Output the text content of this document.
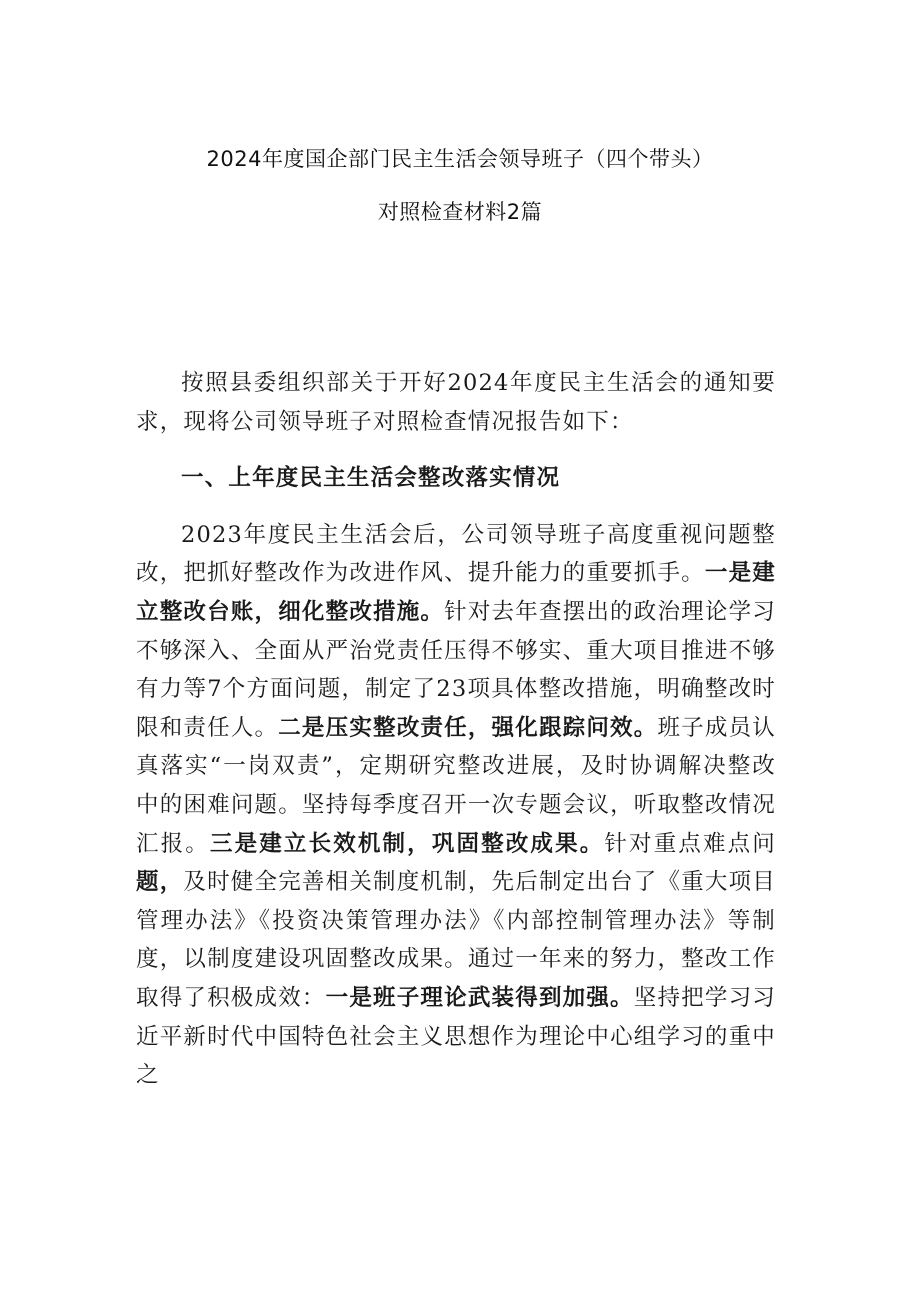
2024年度国企部门民主生活会领导班子（四个带头）
对照检查材料2篇

按照县委组织部关于开好2024年度民主生活会的通知要求，现将公司领导班子对照检查情况报告如下：

一、上年度民主生活会整改落实情况

2023年度民主生活会后，公司领导班子高度重视问题整改，把抓好整改作为改进作风、提升能力的重要抓手。一是建立整改台账，细化整改措施。针对去年查摆出的政治理论学习不够深入、全面从严治党责任压得不够实、重大项目推进不够有力等7个方面问题，制定了23项具体整改措施，明确整改时限和责任人。二是压实整改责任，强化跟踪问效。班子成员认真落实“一岗双责”，定期研究整改进展，及时协调解决整改中的困难问题。坚持每季度召开一次专题会议，听取整改情况汇报。三是建立长效机制，巩固整改成果。针对重点难点问题，及时健全完善相关制度机制，先后制定出台了《重大项目管理办法》《投资决策管理办法》《内部控制管理办法》等制度，以制度建设巩固整改成果。通过一年来的努力，整改工作取得了积极成效：一是班子理论武装得到加强。坚持把学习习近平新时代中国特色社会主义思想作为理论中心组学习的重中之
